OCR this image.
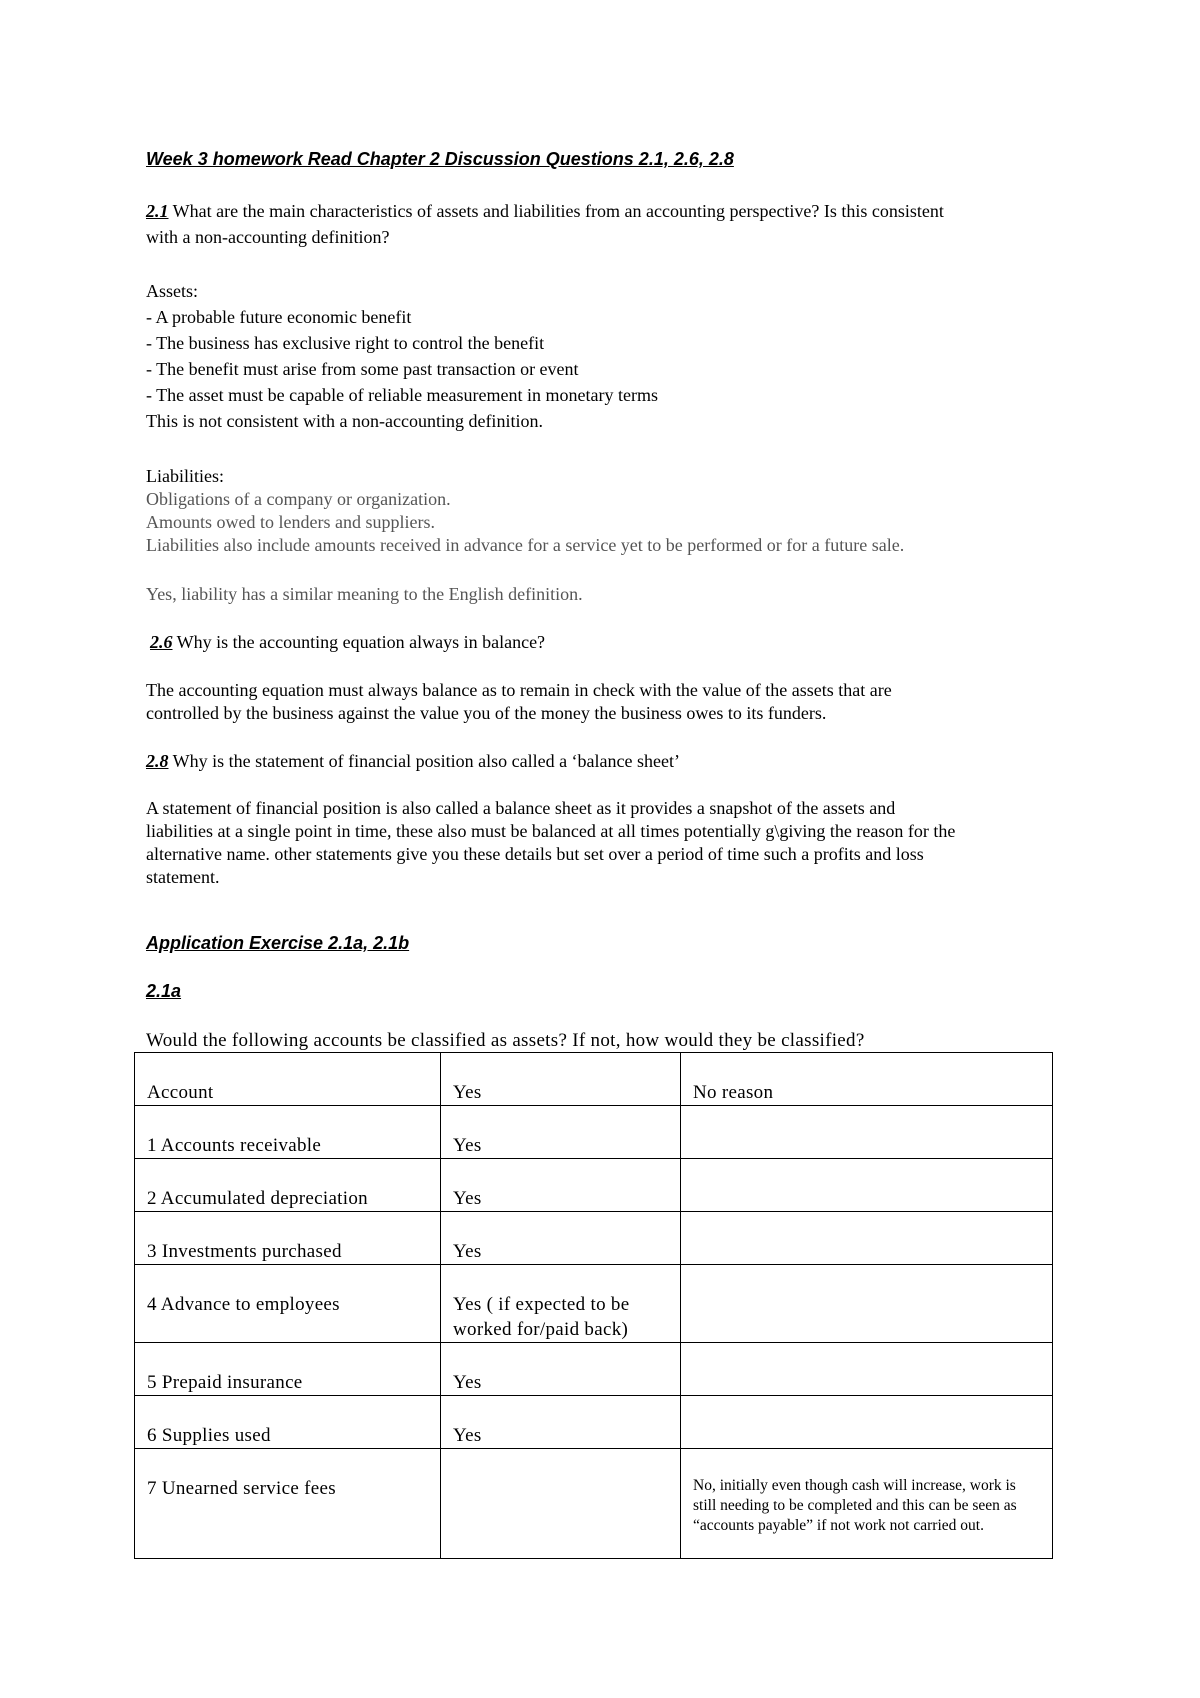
Week 3 homework Read Chapter 2 Discussion Questions 2.1, 2.6, 2.8
2.1 What are the main characteristics of assets and liabilities from an accounting perspective? Is this consistent
with a non-accounting definition?
Assets:
- A probable future economic benefit
- The business has exclusive right to control the benefit
- The benefit must arise from some past transaction or event
- The asset must be capable of reliable measurement in monetary terms
This is not consistent with a non-accounting definition.
Liabilities:
Obligations of a company or organization.
Amounts owed to lenders and suppliers.
Liabilities also include amounts received in advance for a service yet to be performed or for a future sale.
Yes, liability has a similar meaning to the English definition.
2.6 Why is the accounting equation always in balance?
The accounting equation must always balance as to remain in check with the value of the assets that are
controlled by the business against the value you of the money the business owes to its funders.
2.8 Why is the statement of financial position also called a ‘balance sheet’
A statement of financial position is also called a balance sheet as it provides a snapshot of the assets and
liabilities at a single point in time, these also must be balanced at all times potentially g\giving the reason for the
alternative name. other statements give you these details but set over a period of time such a profits and loss
statement.
Application Exercise 2.1a, 2.1b
2.1a
Would the following accounts be classified as assets? If not, how would they be classified?
Account	Yes	No reason
1 Accounts receivable	Yes	
2 Accumulated depreciation	Yes	
3 Investments purchased	Yes	
4 Advance to employees	Yes ( if expected to be worked for/paid back)	
5 Prepaid insurance	Yes	
6 Supplies used	Yes	
7 Unearned service fees		No, initially even though cash will increase, work is still needing to be completed and this can be seen as “accounts payable” if not work not carried out.
